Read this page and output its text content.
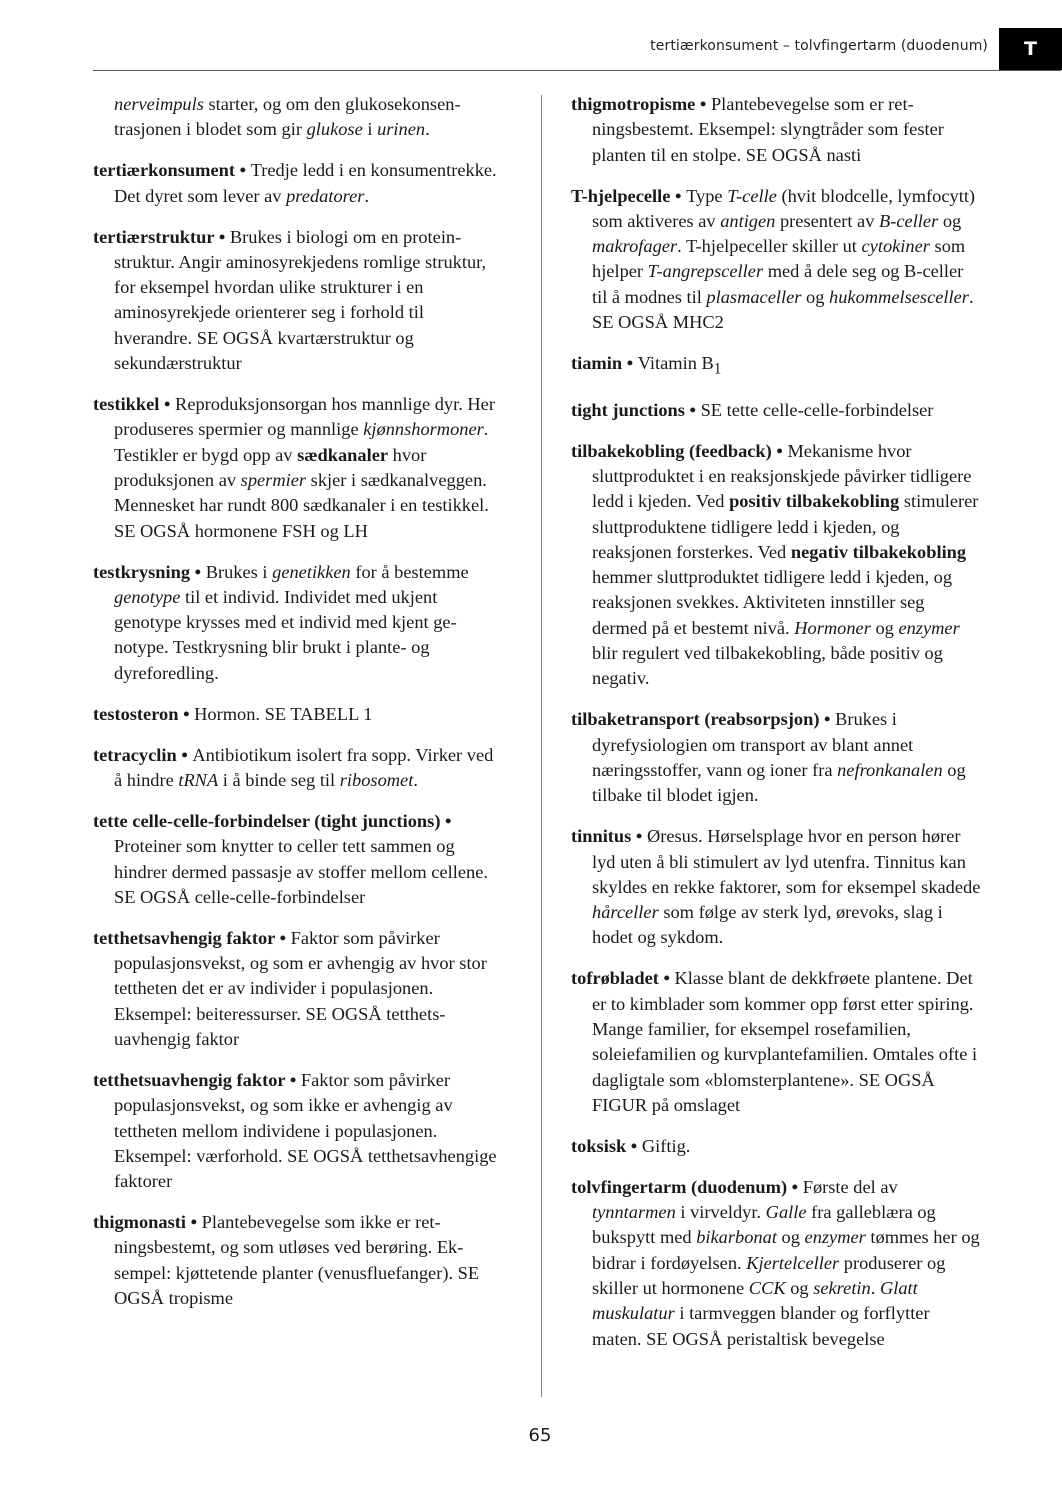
tertiærkonsument – tolvfingertarm (duodenum)	T

nerveimpuls starter, og om den glukosekonsentrasjonen i blodet som gir glukose i urinen.

tertiærkonsument • Tredje ledd i en konsumentrekke. Det dyret som lever av predatorer.

tertiærstruktur • Brukes i biologi om en proteinstruktur. Angir aminosyrekjedens romlige struktur, for eksempel hvordan ulike strukturer i en aminosyrekjede orienterer seg i forhold til hverandre. SE OGSÅ kvartærstruktur og sekundærstruktur

testikkel • Reproduksjonsorgan hos mannlige dyr. Her produseres spermier og mannlige kjønnshormoner. Testikler er bygd opp av sædkanaler hvor produksjonen av spermier skjer i sædkanalveggen. Mennesket har rundt 800 sædkanaler i en testikkel. SE OGSÅ hormonene FSH og LH

testkrysning • Brukes i genetikken for å bestemme genotype til et individ. Individet med ukjent genotype krysses med et individ med kjent genotype. Testkrysning blir brukt i plante- og dyreforedling.

testosteron • Hormon. SE TABELL 1

tetracyclin • Antibiotikum isolert fra sopp. Virker ved å hindre tRNA i å binde seg til ribosomet.

tette celle-celle-forbindelser (tight junctions) • Proteiner som knytter to celler tett sammen og hindrer dermed passasje av stoffer mellom cellene. SE OGSÅ celle-celle-forbindelser

tetthetsavhengig faktor • Faktor som påvirker populasjonsvekst, og som er avhengig av hvor stor tettheten det er av individer i populasjonen. Eksempel: beiteressurser. SE OGSÅ tetthetsuavhengig faktor

tetthetsuavhengig faktor • Faktor som påvirker populasjonsvekst, og som ikke er avhengig av tettheten mellom individene i populasjonen. Eksempel: værforhold. SE OGSÅ tetthetsavhengige faktorer

thigmonasti • Plantebevegelse som ikke er retningsbestemt, og som utløses ved berøring. Eksempel: kjøttetende planter (venusfluefanger). SE OGSÅ tropisme

thigmotropisme • Plantebevegelse som er retningsbestemt. Eksempel: slyngtråder som fester planten til en stolpe. SE OGSÅ nasti

T-hjelpecelle • Type T-celle (hvit blodcelle, lymfocytt) som aktiveres av antigen presentert av B-celler og makrofager. T-hjelpeceller skiller ut cytokiner som hjelper T-angrepsceller med å dele seg og B-celler til å modnes til plasmaceller og hukommelsesceller. SE OGSÅ MHC2

tiamin • Vitamin $B_1$

tight junctions • SE tette celle-celle-forbindelser

tilbakekobling (feedback) • Mekanisme hvor sluttproduktet i en reaksjonskjede påvirker tidligere ledd i kjeden. Ved positiv tilbakekobling stimulerer sluttproduktene tidligere ledd i kjeden, og reaksjonen forsterkes. Ved negativ tilbakekobling hemmer sluttproduktet tidligere ledd i kjeden, og reaksjonen svekkes. Aktiviteten innstiller seg dermed på et bestemt nivå. Hormoner og enzymer blir regulert ved tilbakekobling, både positiv og negativ.

tilbaketransport (reabsorpsjon) • Brukes i dyrefysiologien om transport av blant annet næringsstoffer, vann og ioner fra nefronkanalen og tilbake til blodet igjen.

tinnitus • Øresus. Hørselsplage hvor en person hører lyd uten å bli stimulert av lyd utenfra. Tinnitus kan skyldes en rekke faktorer, som for eksempel skadede hårceller som følge av sterk lyd, ørevoks, slag i hodet og sykdom.

tofrøbladet • Klasse blant de dekkfrøete plantene. Det er to kimblader som kommer opp først etter spiring. Mange familier, for eksempel rosefamilien, soleiefamilien og kurvplantefamilien. Omtales ofte i dagligtale som «blomsterplantene». SE OGSÅ FIGUR på omslaget

toksisk • Giftig.

tolvfingertarm (duodenum) • Første del av tynntarmen i virveldyr. Galle fra galleblæra og bukspytt med bikarbonat og enzymer tømmes her og bidrar i fordøyelsen. Kjertelceller produserer og skiller ut hormonene CCK og sekretin. Glatt muskulatur i tarmveggen blander og forflytter maten. SE OGSÅ peristaltisk bevegelse

65
